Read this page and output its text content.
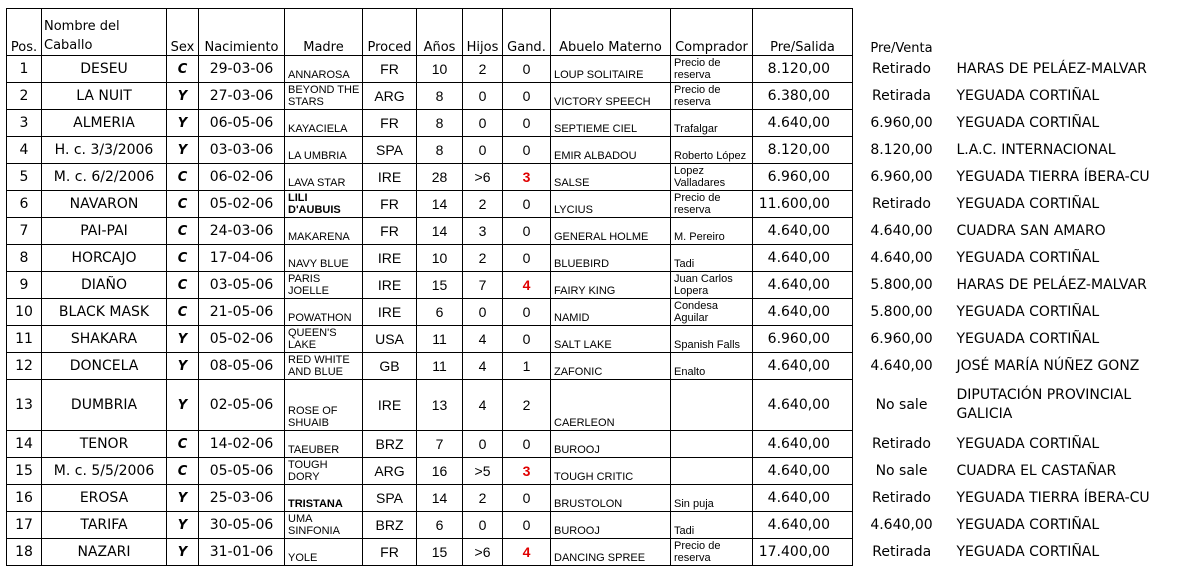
Pos.	Nombre del Caballo	Sex	Nacimiento	Madre	Proced	Años	Hijos	Gand.	Abuelo Materno	Comprador	Pre/Salida	Pre/Venta	
1	DESEU	C	29-03-06	ANNAROSA	FR	10	2	0	LOUP SOLITAIRE	Precio de reserva	8.120,00	Retirado	HARAS DE PELÁEZ-MALVAR
2	LA NUIT	Y	27-03-06	BEYOND THE STARS	ARG	8	0	0	VICTORY SPEECH	Precio de reserva	6.380,00	Retirada	YEGUADA CORTIÑAL
3	ALMERIA	Y	06-05-06	KAYACIELA	FR	8	0	0	SEPTIEME CIEL	Trafalgar	4.640,00	6.960,00	YEGUADA CORTIÑAL
4	H. c. 3/3/2006	Y	03-03-06	LA UMBRIA	SPA	8	0	0	EMIR ALBADOU	Roberto López	8.120,00	8.120,00	L.A.C. INTERNACIONAL
5	M. c. 6/2/2006	C	06-02-06	LAVA STAR	IRE	28	>6	3	SALSE	Lopez Valladares	6.960,00	6.960,00	YEGUADA TIERRA ÍBERA-CU
6	NAVARON	C	05-02-06	LILI D'AUBUIS	FR	14	2	0	LYCIUS	Precio de reserva	11.600,00	Retirado	YEGUADA CORTIÑAL
7	PAI-PAI	C	24-03-06	MAKARENA	FR	14	3	0	GENERAL HOLME	M. Pereiro	4.640,00	4.640,00	CUADRA SAN AMARO
8	HORCAJO	C	17-04-06	NAVY BLUE	IRE	10	2	0	BLUEBIRD	Tadi	4.640,00	4.640,00	YEGUADA CORTIÑAL
9	DIAÑO	C	03-05-06	PARIS JOELLE	IRE	15	7	4	FAIRY KING	Juan Carlos Lopera	4.640,00	5.800,00	HARAS DE PELÁEZ-MALVAR
10	BLACK MASK	C	21-05-06	POWATHON	IRE	6	0	0	NAMID	Condesa Aguilar	4.640,00	5.800,00	YEGUADA CORTIÑAL
11	SHAKARA	Y	05-02-06	QUEEN'S LAKE	USA	11	4	0	SALT LAKE	Spanish Falls	6.960,00	6.960,00	YEGUADA CORTIÑAL
12	DONCELA	Y	08-05-06	RED WHITE AND BLUE	GB	11	4	1	ZAFONIC	Enalto	4.640,00	4.640,00	JOSÉ MARÍA NÚÑEZ GONZ
13	DUMBRIA	Y	02-05-06	ROSE OF SHUAIB	IRE	13	4	2	CAERLEON		4.640,00	No sale	DIPUTACIÓN PROVINCIAL GALICIA
14	TENOR	C	14-02-06	TAEUBER	BRZ	7	0	0	BUROOJ		4.640,00	Retirado	YEGUADA CORTIÑAL
15	M. c. 5/5/2006	C	05-05-06	TOUGH DORY	ARG	16	>5	3	TOUGH CRITIC		4.640,00	No sale	CUADRA EL CASTAÑAR
16	EROSA	Y	25-03-06	TRISTANA	SPA	14	2	0	BRUSTOLON	Sin puja	4.640,00	Retirado	YEGUADA TIERRA ÍBERA-CU
17	TARIFA	Y	30-05-06	UMA SINFONIA	BRZ	6	0	0	BUROOJ	Tadi	4.640,00	4.640,00	YEGUADA CORTIÑAL
18	NAZARI	Y	31-01-06	YOLE	FR	15	>6	4	DANCING SPREE	Precio de reserva	17.400,00	Retirada	YEGUADA CORTIÑAL
